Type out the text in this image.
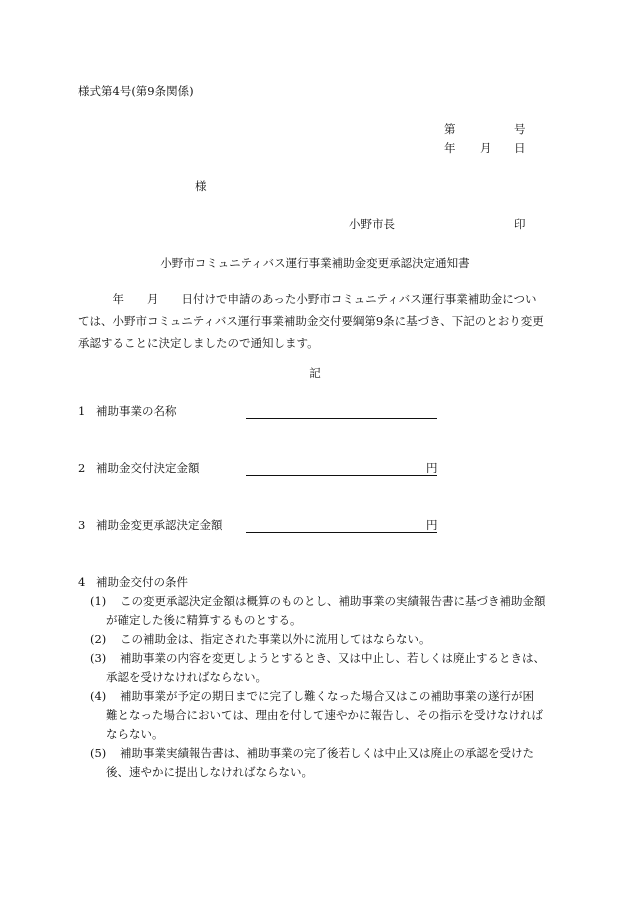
様式第4号(第9条関係)
第	号
年 月 日
様
小野市長	印
小野市コミュニティバス運行事業補助金変更承認決定通知書
　　　年　　月　　日付けで申請のあった小野市コミュニティバス運行事業補助金につい
ては、小野市コミュニティバス運行事業補助金交付要綱第9条に基づき、下記のとおり変更
承認することに決定しましたので通知します。
記
1 補助事業の名称
2 補助金交付決定金額	円
3 補助金変更承認決定金額	円
4 補助金交付の条件
(1) この変更承認決定金額は概算のものとし、補助事業の実績報告書に基づき補助金額
が確定した後に精算するものとする。
(2) この補助金は、指定された事業以外に流用してはならない。
(3) 補助事業の内容を変更しようとするとき、又は中止し、若しくは廃止するときは、
承認を受けなければならない。
(4) 補助事業が予定の期日までに完了し難くなった場合又はこの補助事業の遂行が困
難となった場合においては、理由を付して速やかに報告し、その指示を受けなければ
ならない。
(5) 補助事業実績報告書は、補助事業の完了後若しくは中止又は廃止の承認を受けた
後、速やかに提出しなければならない。
